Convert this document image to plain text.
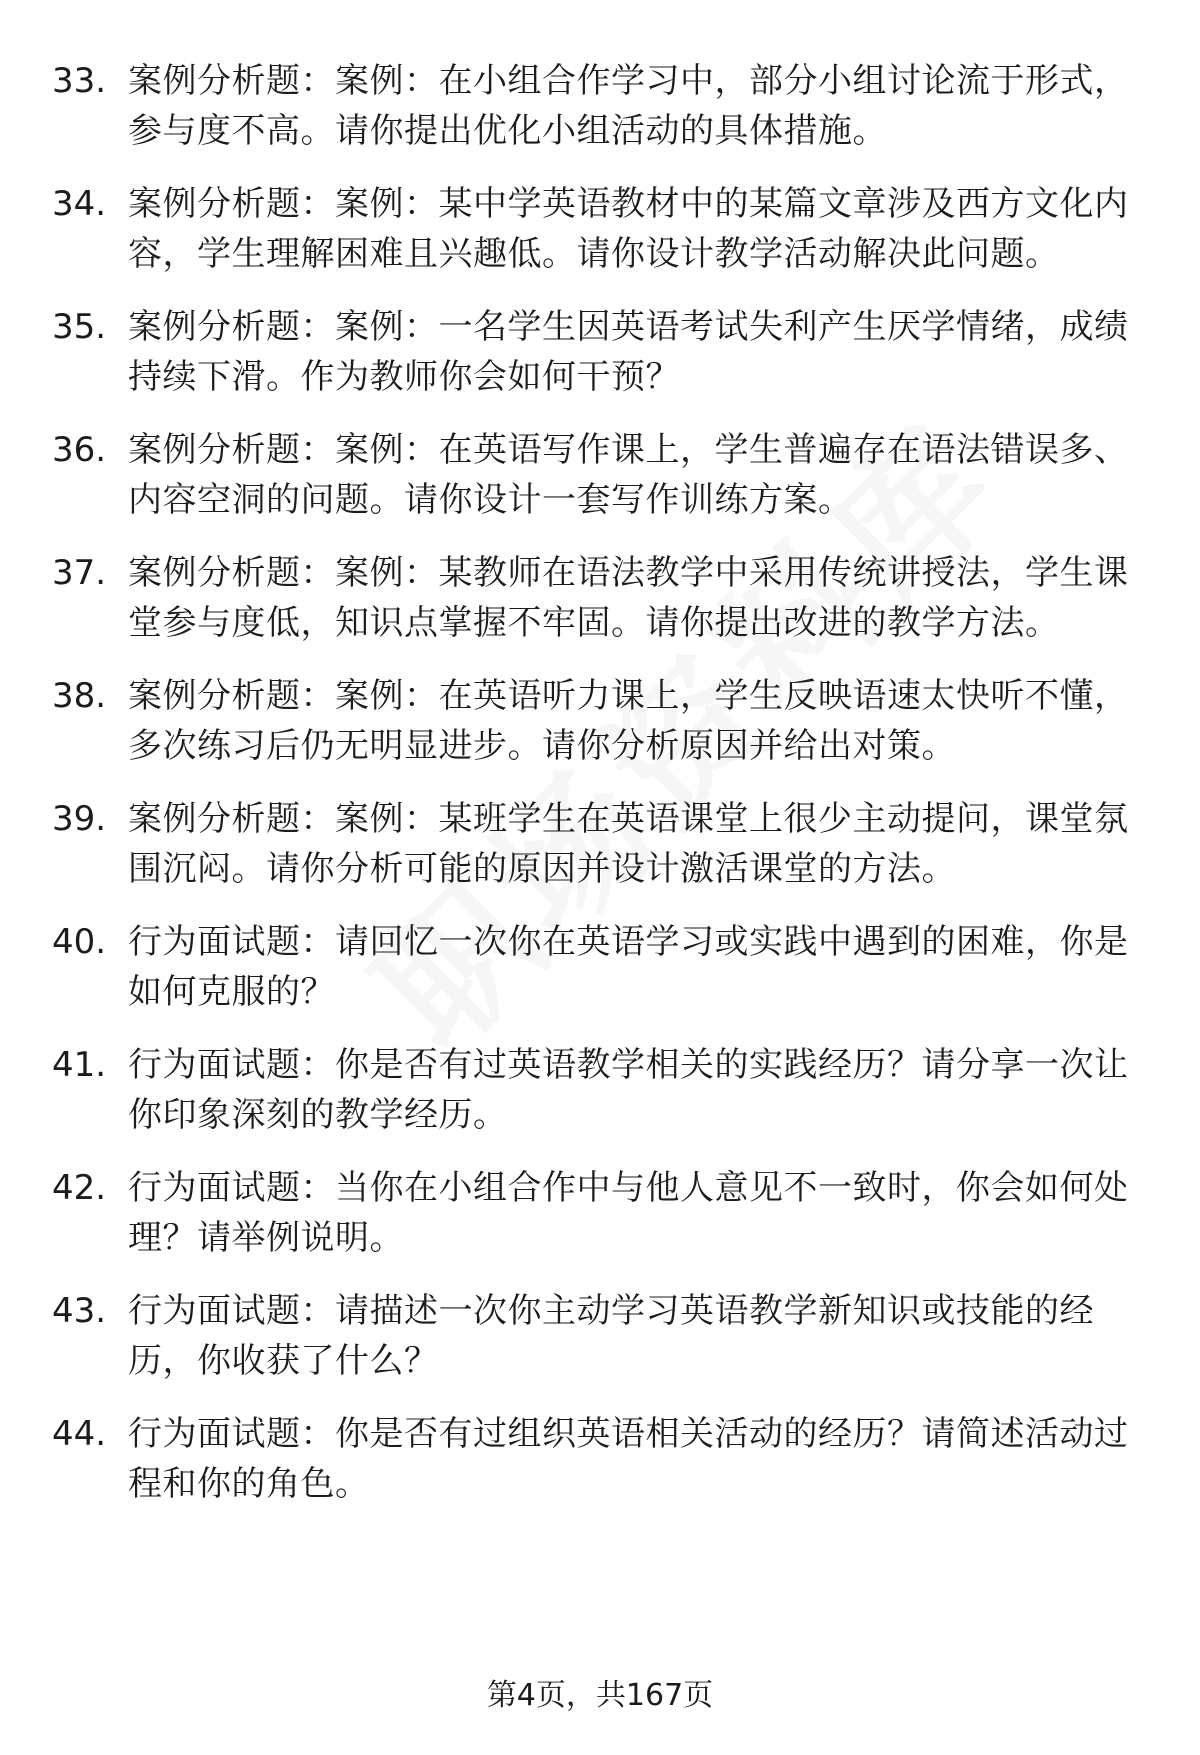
33. 案例分析题：案例：在小组合作学习中，部分小组讨论流于形式，参与度不高。请你提出优化小组活动的具体措施。
34. 案例分析题：案例：某中学英语教材中的某篇文章涉及西方文化内容，学生理解困难且兴趣低。请你设计教学活动解决此问题。
35. 案例分析题：案例：一名学生因英语考试失利产生厌学情绪，成绩持续下滑。作为教师你会如何干预？
36. 案例分析题：案例：在英语写作课上，学生普遍存在语法错误多、内容空洞的问题。请你设计一套写作训练方案。
37. 案例分析题：案例：某教师在语法教学中采用传统讲授法，学生课堂参与度低，知识点掌握不牢固。请你提出改进的教学方法。
38. 案例分析题：案例：在英语听力课上，学生反映语速太快听不懂，多次练习后仍无明显进步。请你分析原因并给出对策。
39. 案例分析题：案例：某班学生在英语课堂上很少主动提问，课堂氛围沉闷。请你分析可能的原因并设计激活课堂的方法。
40. 行为面试题：请回忆一次你在英语学习或实践中遇到的困难，你是如何克服的？
41. 行为面试题：你是否有过英语教学相关的实践经历？请分享一次让你印象深刻的教学经历。
42. 行为面试题：当你在小组合作中与他人意见不一致时，你会如何处理？请举例说明。
43. 行为面试题：请描述一次你主动学习英语教学新知识或技能的经历，你收获了什么？
44. 行为面试题：你是否有过组织英语相关活动的经历？请简述活动过程和你的角色。
第4页，共167页
